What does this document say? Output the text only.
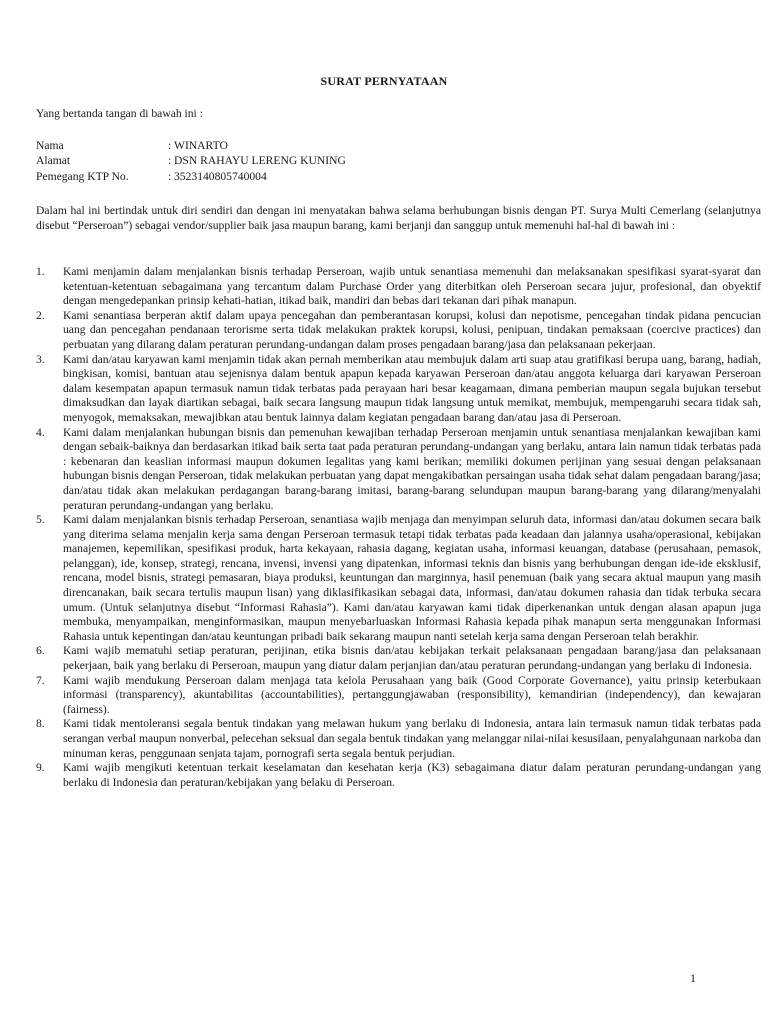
SURAT PERNYATAAN
Yang bertanda tangan di bawah ini :
Nama	: WINARTO
Alamat	: DSN RAHAYU LERENG KUNING
Pemegang KTP No.	: 3523140805740004
Dalam hal ini bertindak untuk diri sendiri dan dengan ini menyatakan bahwa selama berhubungan bisnis dengan PT. Surya Multi Cemerlang (selanjutnya disebut “Perseroan”) sebagai vendor/supplier baik jasa maupun barang, kami berjanji dan sanggup untuk memenuhi hal-hal di bawah ini :
1.	Kami menjamin dalam menjalankan bisnis terhadap Perseroan, wajib untuk senantiasa memenuhi dan melaksanakan spesifikasi syarat-syarat dan ketentuan-ketentuan sebagaimana yang tercantum dalam Purchase Order yang diterbitkan oleh Perseroan secara jujur, profesional, dan obyektif dengan mengedepankan prinsip kehati-hatian, itikad baik, mandiri dan bebas dari tekanan dari pihak manapun.
2.	Kami senantiasa berperan aktif dalam upaya pencegahan dan pemberantasan korupsi, kolusi dan nepotisme, pencegahan tindak pidana pencucian uang dan pencegahan pendanaan terorisme serta tidak melakukan praktek korupsi, kolusi, penipuan, tindakan pemaksaan (coercive practices) dan perbuatan yang dilarang dalam peraturan perundang-undangan dalam proses pengadaan barang/jasa dan pelaksanaan pekerjaan.
3.	Kami dan/atau karyawan kami menjamin tidak akan pernah memberikan atau membujuk dalam arti suap atau gratifikasi berupa uang, barang, hadiah, bingkisan, komisi, bantuan atau sejenisnya dalam bentuk apapun kepada karyawan Perseroan dan/atau anggota keluarga dari karyawan Perseroan dalam kesempatan apapun termasuk namun tidak terbatas pada perayaan hari besar keagamaan, dimana pemberian maupun segala bujukan tersebut dimaksudkan dan layak diartikan sebagai, baik secara langsung maupun tidak langsung untuk memikat, membujuk, mempengaruhi secara tidak sah, menyogok, memaksakan, mewajibkan atau bentuk lainnya dalam kegiatan pengadaan barang dan/atau jasa di Perseroan.
4.	Kami dalam menjalankan hubungan bisnis dan pemenuhan kewajiban terhadap Perseroan menjamin untuk senantiasa menjalankan kewajiban kami dengan sebaik-baiknya dan berdasarkan itikad baik serta taat pada peraturan perundang-undangan yang berlaku, antara lain namun tidak terbatas pada : kebenaran dan keaslian informasi maupun dokumen legalitas yang kami berikan; memiliki dokumen perijinan yang sesuai dengan pelaksanaan hubungan bisnis dengan Perseroan, tidak melakukan perbuatan yang dapat mengakibatkan persaingan usaha tidak sehat dalam pengadaan barang/jasa; dan/atau tidak akan melakukan perdagangan barang-barang imitasi, barang-barang selundupan maupun barang-barang yang dilarang/menyalahi peraturan perundang-undangan yang berlaku.
5.	Kami dalam menjalankan bisnis terhadap Perseroan, senantiasa wajib menjaga dan menyimpan seluruh data, informasi dan/atau dokumen secara baik yang diterima selama menjalin kerja sama dengan Perseroan termasuk tetapi tidak terbatas pada keadaan dan jalannya usaha/operasional, kebijakan manajemen, kepemilikan, spesifikasi produk, harta kekayaan, rahasia dagang, kegiatan usaha, informasi keuangan, database (perusahaan, pemasok, pelanggan), ide, konsep, strategi, rencana, invensi, invensi yang dipatenkan, informasi teknis dan bisnis yang berhubungan dengan ide-ide eksklusif, rencana, model bisnis, strategi pemasaran, biaya produksi, keuntungan dan marginnya, hasil penemuan (baik yang secara aktual maupun yang masih direncanakan, baik secara tertulis maupun lisan) yang diklasifikasikan sebagai data, informasi, dan/atau dokumen rahasia dan tidak terbuka secara umum. (Untuk selanjutnya disebut “Informasi Rahasia”). Kami dan/atau karyawan kami tidak diperkenankan untuk dengan alasan apapun juga membuka, menyampaikan, menginformasikan, maupun menyebarluaskan Informasi Rahasia kepada pihak manapun serta menggunakan Informasi Rahasia untuk kepentingan dan/atau keuntungan pribadi baik sekarang maupun nanti setelah kerja sama dengan Perseroan telah berakhir.
6.	Kami wajib mematuhi setiap peraturan, perijinan, etika bisnis dan/atau kebijakan terkait pelaksanaan pengadaan barang/jasa dan pelaksanaan pekerjaan, baik yang berlaku di Perseroan, maupun yang diatur dalam perjanjian dan/atau peraturan perundang-undangan yang berlaku di Indonesia.
7.	Kami wajib mendukung Perseroan dalam menjaga tata kelola Perusahaan yang baik (Good Corporate Governance), yaitu prinsip keterbukaan informasi (transparency), akuntabilitas (accountabilities), pertanggungjawaban (responsibility), kemandirian (independency), dan kewajaran (fairness).
8.	Kami tidak mentoleransi segala bentuk tindakan yang melawan hukum yang berlaku di Indonesia, antara lain termasuk namun tidak terbatas pada serangan verbal maupun nonverbal, pelecehan seksual dan segala bentuk tindakan yang melanggar nilai-nilai kesusilaan, penyalahgunaan narkoba dan minuman keras, penggunaan senjata tajam, pornografi serta segala bentuk perjudian.
9.	Kami wajib mengikuti ketentuan terkait keselamatan dan kesehatan kerja (K3) sebagaimana diatur dalam peraturan perundang-undangan yang berlaku di Indonesia dan peraturan/kebijakan yang belaku di Perseroan.
1
